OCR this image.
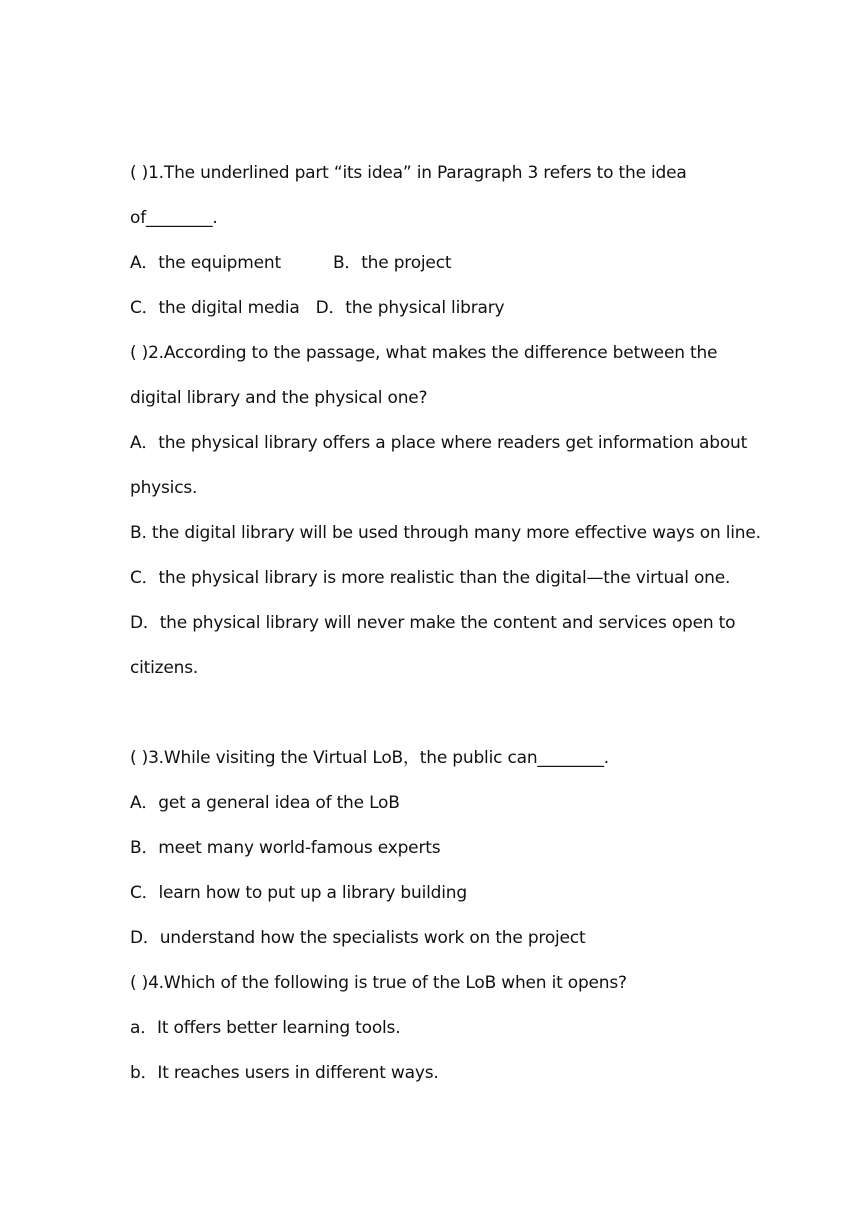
( )1.The underlined part “its idea” in Paragraph 3 refers to the idea
of________.
A．the equipment	B．the project
C．the digital media D．the physical library
( )2.According to the passage, what makes the difference between the
digital library and the physical one?
A．the physical library offers a place where readers get information about
physics.
B. the digital library will be used through many more effective ways on line.
C．the physical library is more realistic than the digital—the virtual one.
D．the physical library will never make the content and services open to
citizens.
( )3.While visiting the Virtual LoB，the public can________.
A．get a general idea of the LoB
B．meet many world-famous experts
C．learn how to put up a library building
D．understand how the specialists work on the project
( )4.Which of the following is true of the LoB when it opens?
a．It offers better learning tools.
b．It reaches users in different ways.
